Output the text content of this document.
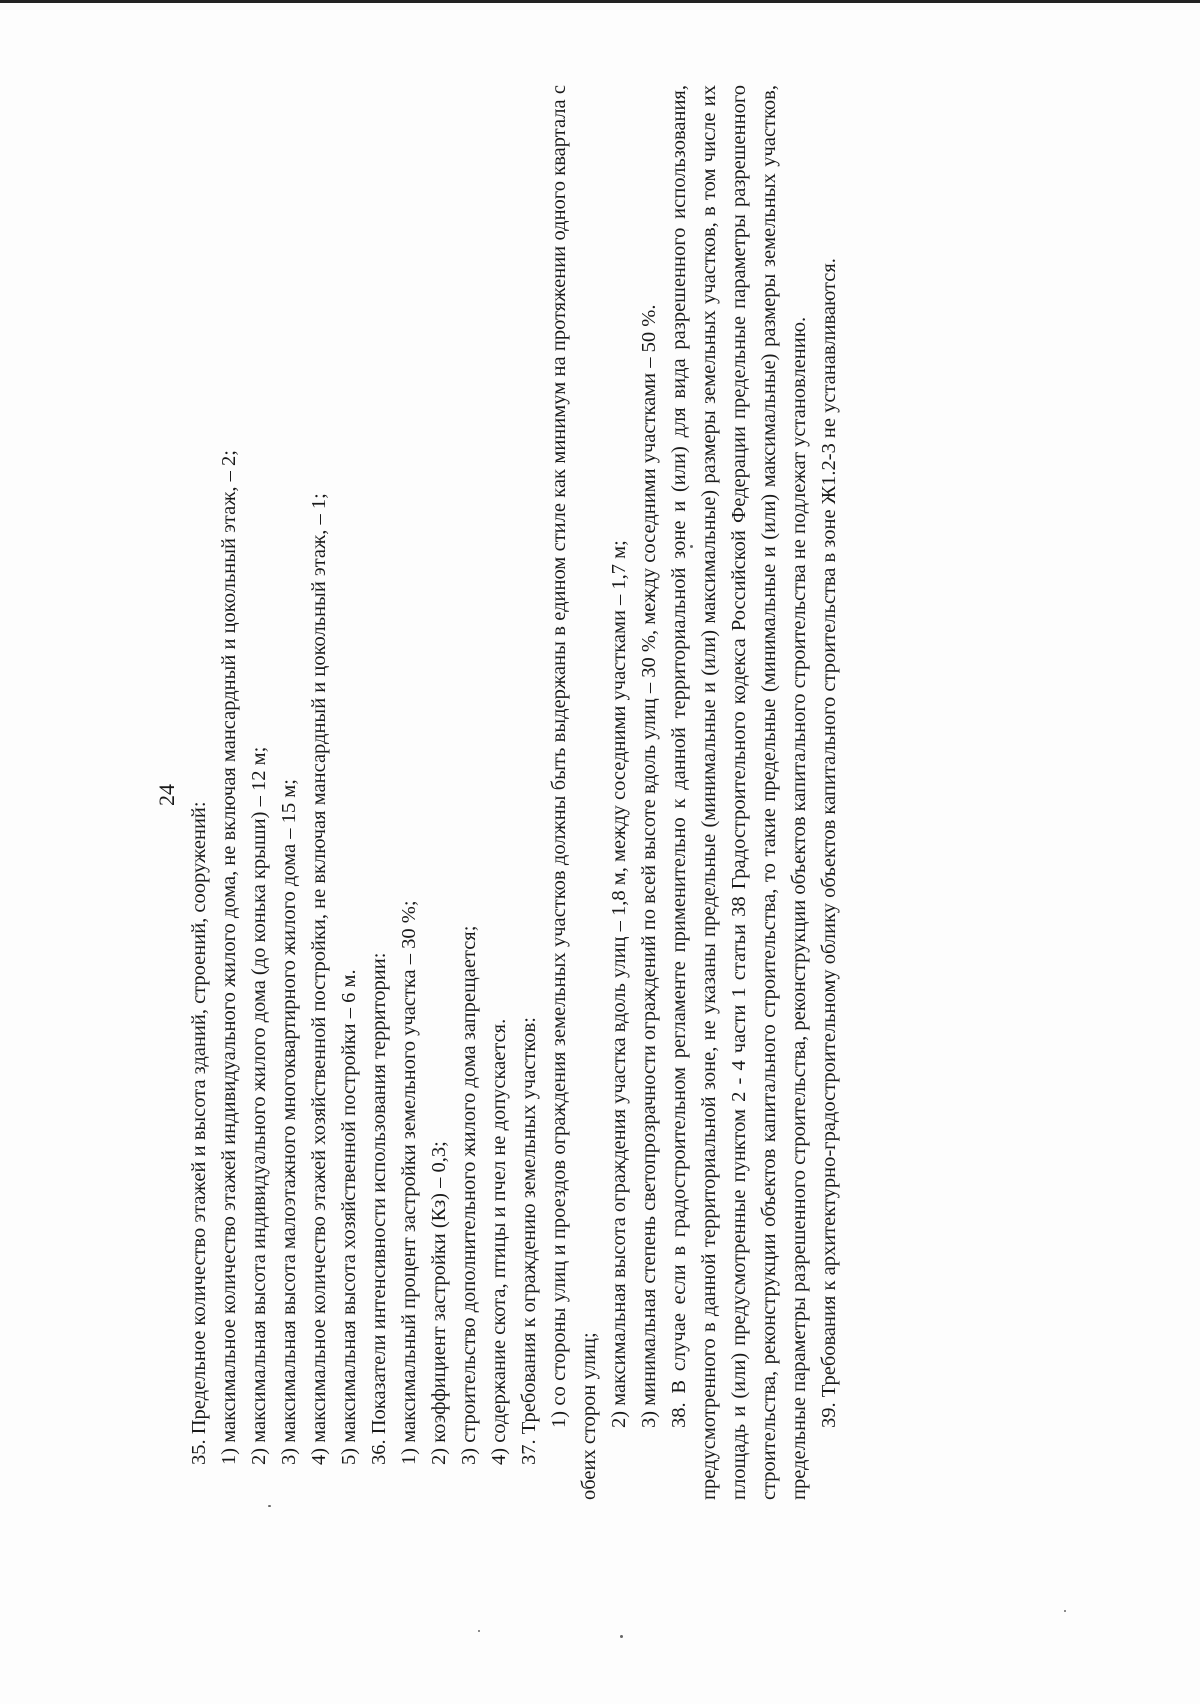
24

35. Предельное количество этажей и высота зданий, строений, сооружений: 1) максимальное количество этажей индивидуального жилого дома, не включая мансардный и цокольный этаж, – 2; 2) максимальная высота индивидуального жилого дома (до конька крыши) – 12 м; 3) максимальная высота малоэтажного многоквартирного жилого дома – 15 м; 4) максимальное количество этажей хозяйственной постройки, не включая мансардный и цокольный этаж, – 1; 5) максимальная высота хозяйственной постройки – 6 м. 36. Показатели интенсивности использования территории: 1) максимальный процент застройки земельного участка – 30 %; 2) коэффициент застройки (Кз) – 0,3; 3) строительство дополнительного жилого дома запрещается; 4) содержание скота, птицы и пчел не допускается. 37. Требования к ограждению земельных участков: 1) со стороны улиц и проездов ограждения земельных участков должны быть выдержаны в едином стиле как минимум на протяжении одного квартала с обеих сторон улиц; 2) максимальная высота ограждения участка вдоль улиц – 1,8 м, между соседними участками – 1,7 м; 3) минимальная степень светопрозрачности ограждений по всей высоте вдоль улиц – 30 %, между соседними участками – 50 %. 38. В случае если в градостроительном регламенте применительно к данной территориальной зоне и (или) для вида разрешенного использования, предусмотренного в данной территориальной зоне, не указаны предельные (минимальные и (или) максимальные) размеры земельных участков, в том числе их площадь и (или) предусмотренные пунктом 2 - 4 части 1 статьи 38 Градостроительного кодекса Российской Федерации предельные параметры разрешенного строительства, реконструкции объектов капитального строительства, то такие предельные (минимальные и (или) максимальные) размеры земельных участков, предельные параметры разрешенного строительства, реконструкции объектов капитального строительства не подлежат установлению. 39. Требования к архитектурно-градостроительному облику объектов капитального строительства в зоне Ж1.2-3 не устанавливаются.
